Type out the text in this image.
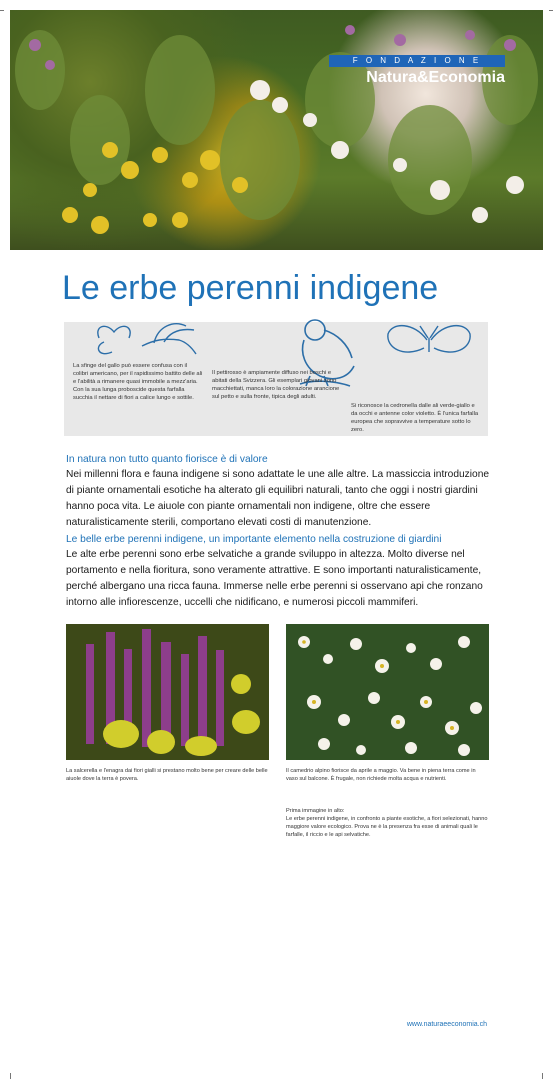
F O N D A Z I O N E
Natura&Economia
Le erbe perenni indigene
La sfinge del gallo può essere confusa con il colibri americano, per il rapidissimo battito delle ali e l'abilità a rimanere quasi immobile a mezz'aria. Con la sua lunga proboscide questa farfalla succhia il nettare di fiori a calice lungo e sottile.
Il pettirosso è ampiamente diffuso nei boschi e abitati della Svizzera. Gli esemplari giovani sono macchiettati, manca loro la colorazione arancione sul petto e sulla fronte, tipica degli adulti.
Si riconosce la cedronella dalle ali verde-giallo e da occhi e antenne color violetto. È l'unica farfalla europea che sopravvive a temperature sotto lo zero.
In natura non tutto quanto fiorisce è di valore
Nei millenni flora e fauna indigene si sono adattate le une alle altre. La massiccia introduzione di piante ornamentali esotiche ha alterato gli equilibri naturali, tanto che oggi i nostri giardini hanno poca vita. Le aiuole con piante ornamentali non indigene, oltre che essere naturalisticamente sterili, comportano elevati costi di manutenzione.
Le belle erbe perenni indigene, un importante elemento nella costruzione di giardini
Le alte erbe perenni sono erbe selvatiche a grande sviluppo in altezza. Molto diverse nel portamento e nella fioritura, sono veramente attrattive. E sono importanti naturalisticamente, perché albergano una ricca fauna. Immerse nelle erbe perenni si osservano api che ronzano intorno alle infiorescenze, uccelli che nidificano, e numerosi piccoli mammiferi.
La salcerella e l'enagra dai fiori gialli si prestano molto bene per creare delle belle aiuole dove la terra è povera.
Il camedrio alpino fiorisce da aprile a maggio. Va bene in piena terra come in vaso sul balcone. È frugale, non richiede molta acqua e nutrienti.
Prima immagine in alto:
Le erbe perenni indigene, in confronto a piante esotiche, a fiori selezionati, hanno maggiore valore ecologico. Prova ne è la presenza fra esse di animali quali le farfalle, il riccio e le api selvatiche.
www.naturaeeconomia.ch
